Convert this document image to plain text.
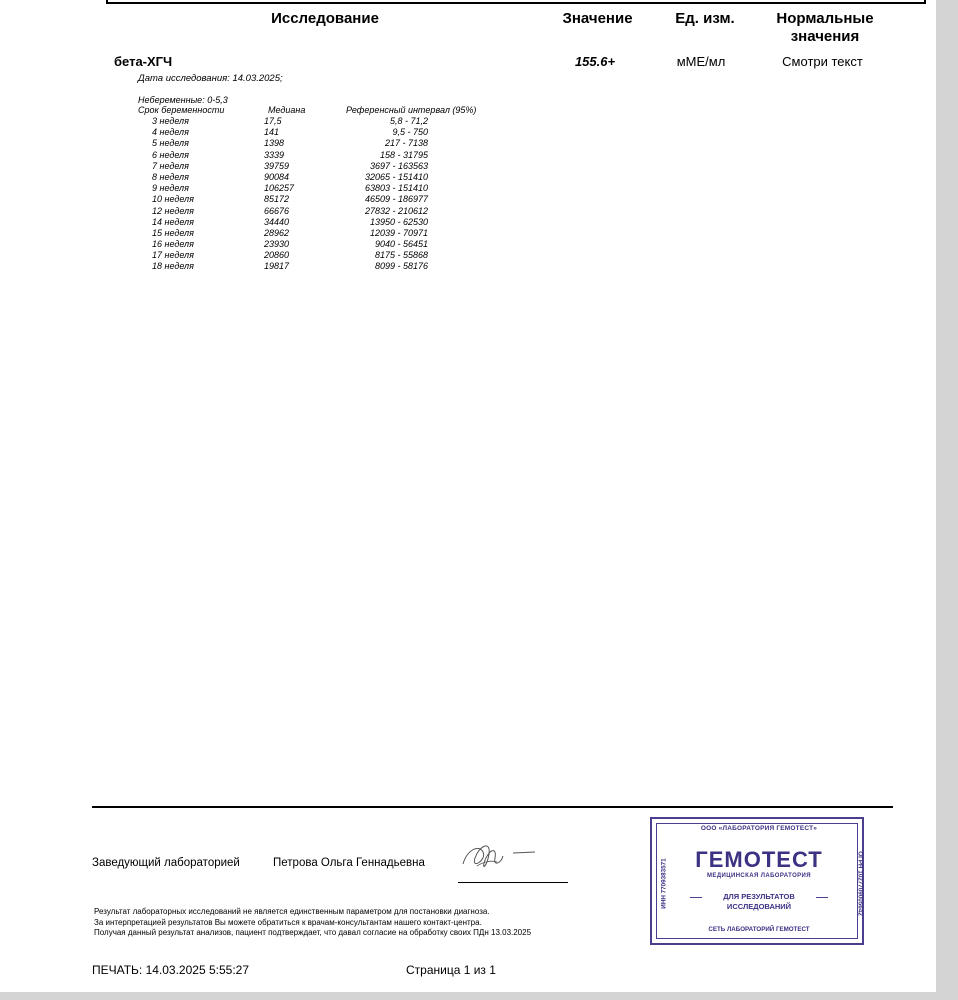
Исследование	Значение	Ед. изм.	Нормальные
значения
бета-ХГЧ	155.6+	мМЕ/мл	Смотри текст
Дата исследования: 14.03.2025;
Небеременные: 0-5,3
Срок беременности	Медиана	Референсный интервал (95%)
3 неделя	17,5	5,8 - 71,2
4 неделя	141	9,5 - 750
5 неделя	1398	217 - 7138
6 неделя	3339	158 - 31795
7 неделя	39759	3697 - 163563
8 неделя	90084	32065 - 151410
9 неделя	106257	63803 - 151410
10 неделя	85172	46509 - 186977
12 неделя	66676	27832 - 210612
14 неделя	34440	13950 - 62530
15 неделя	28962	12039 - 70971
16 неделя	23930	9040 - 56451
17 неделя	20860	8175 - 55868
18 неделя	19817	8099 - 58176
Заведующий лабораторией	Петрова Ольга Геннадьевна
Результат лабораторных исследований не является единственным параметром для постановки диагноза.
За интерпретацией результатов Вы можете обратиться к врачам-консультантам нашего контакт-центра.
Получая данный результат анализов, пациент подтверждает, что давал согласие на обработку своих ПДн 13.03.2025
ООО «ЛАБОРАТОРИЯ ГЕМОТЕСТ»
ГЕМОТЕСТ
МЕДИЦИНСКАЯ ЛАБОРАТОРИЯ
ДЛЯ РЕЗУЛЬТАТОВ
ИССЛЕДОВАНИЙ
СЕТЬ ЛАБОРАТОРИЙ ГЕМОТЕСТ
ИНН 7709383571	ОГРН 1027709005642
ПЕЧАТЬ: 14.03.2025 5:55:27	Страница 1 из 1
